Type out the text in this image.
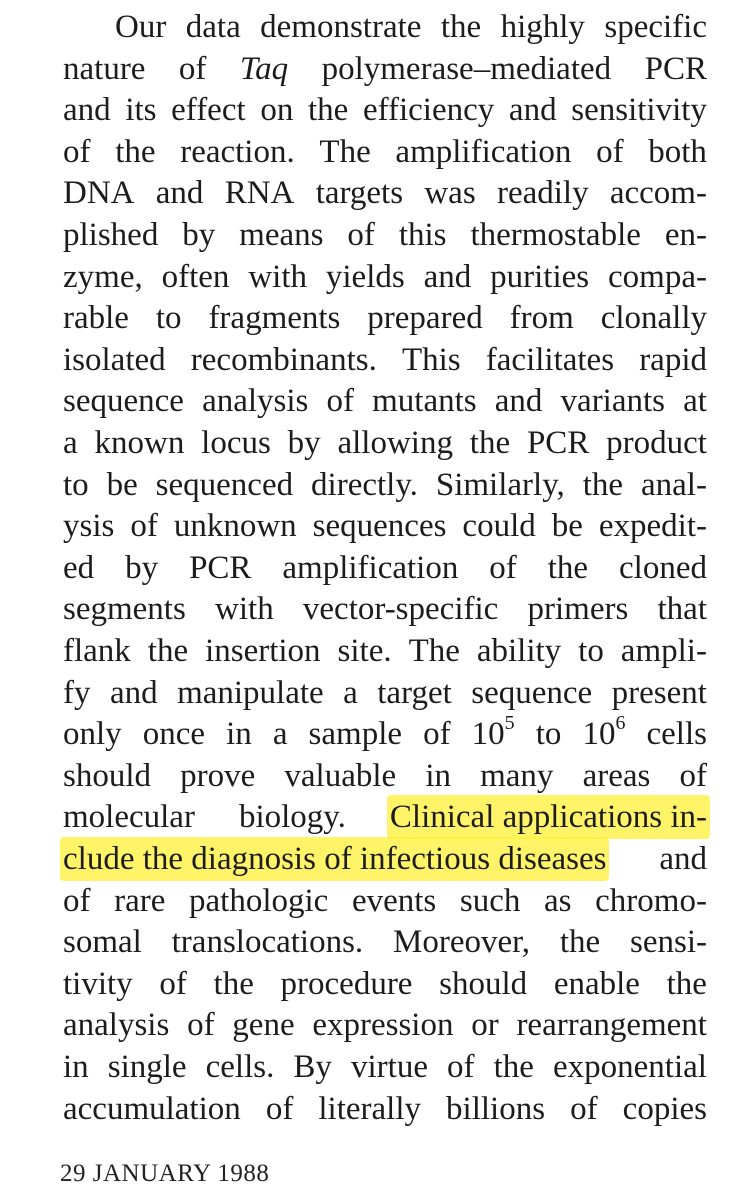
Our data demonstrate the highly specific
nature of Taq polymerase–mediated PCR
and its effect on the efficiency and sensitivity
of the reaction. The amplification of both
DNA and RNA targets was readily accom-
plished by means of this thermostable en-
zyme, often with yields and purities compa-
rable to fragments prepared from clonally
isolated recombinants. This facilitates rapid
sequence analysis of mutants and variants at
a known locus by allowing the PCR product
to be sequenced directly. Similarly, the anal-
ysis of unknown sequences could be expedit-
ed by PCR amplification of the cloned
segments with vector-specific primers that
flank the insertion site. The ability to ampli-
fy and manipulate a target sequence present
only once in a sample of $10^5$ to $10^6$ cells
should prove valuable in many areas of
molecular biology. Clinical applications in-
clude the diagnosis of infectious diseases and
of rare pathologic events such as chromo-
somal translocations. Moreover, the sensi-
tivity of the procedure should enable the
analysis of gene expression or rearrangement
in single cells. By virtue of the exponential
accumulation of literally billions of copies
29 JANUARY 1988
